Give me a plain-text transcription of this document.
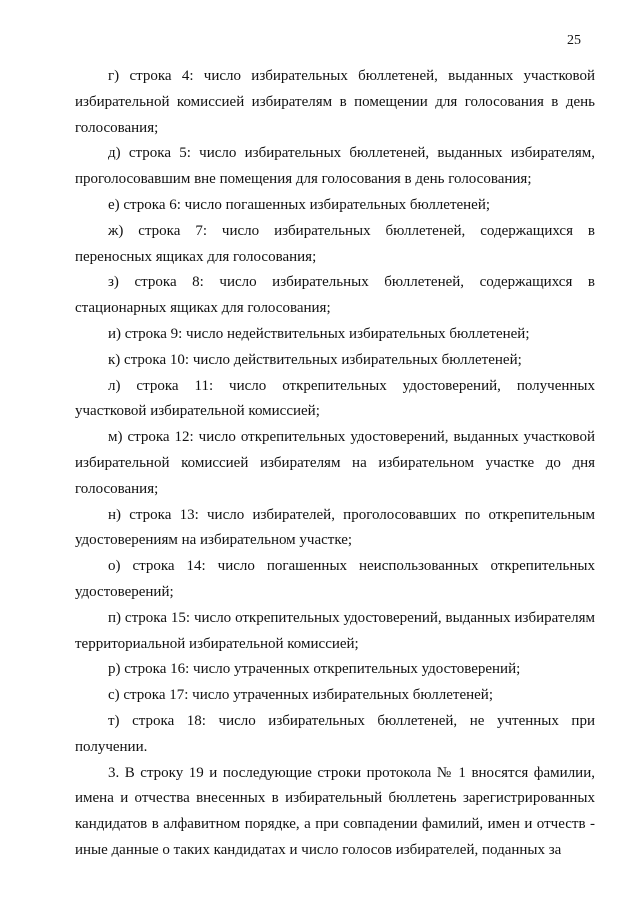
25

г) строка 4: число избирательных бюллетеней, выданных участковой избирательной комиссией избирателям в помещении для голосования в день голосования;

д) строка 5: число избирательных бюллетеней, выданных избирателям, проголосовавшим вне помещения для голосования в день голосования;

е) строка 6: число погашенных избирательных бюллетеней;

ж) строка 7: число избирательных бюллетеней, содержащихся в переносных ящиках для голосования;

з) строка 8: число избирательных бюллетеней, содержащихся в стационарных ящиках для голосования;

и) строка 9: число недействительных избирательных бюллетеней;

к) строка 10: число действительных избирательных бюллетеней;

л) строка 11: число открепительных удостоверений, полученных участковой избирательной комиссией;

м) строка 12: число открепительных удостоверений, выданных участковой избирательной комиссией избирателям на избирательном участке до дня голосования;

н) строка 13: число избирателей, проголосовавших по открепительным удостоверениям на избирательном участке;

о) строка 14: число погашенных неиспользованных открепительных удостоверений;

п) строка 15: число открепительных удостоверений, выданных избирателям территориальной избирательной комиссией;

р) строка 16: число утраченных открепительных удостоверений;

с) строка 17: число утраченных избирательных бюллетеней;

т) строка 18: число избирательных бюллетеней, не учтенных при получении.

3. В строку 19 и последующие строки протокола № 1 вносятся фамилии, имена и отчества внесенных в избирательный бюллетень зарегистрированных кандидатов в алфавитном порядке, а при совпадении фамилий, имен и отчеств - иные данные о таких кандидатах и число голосов избирателей, поданных за
